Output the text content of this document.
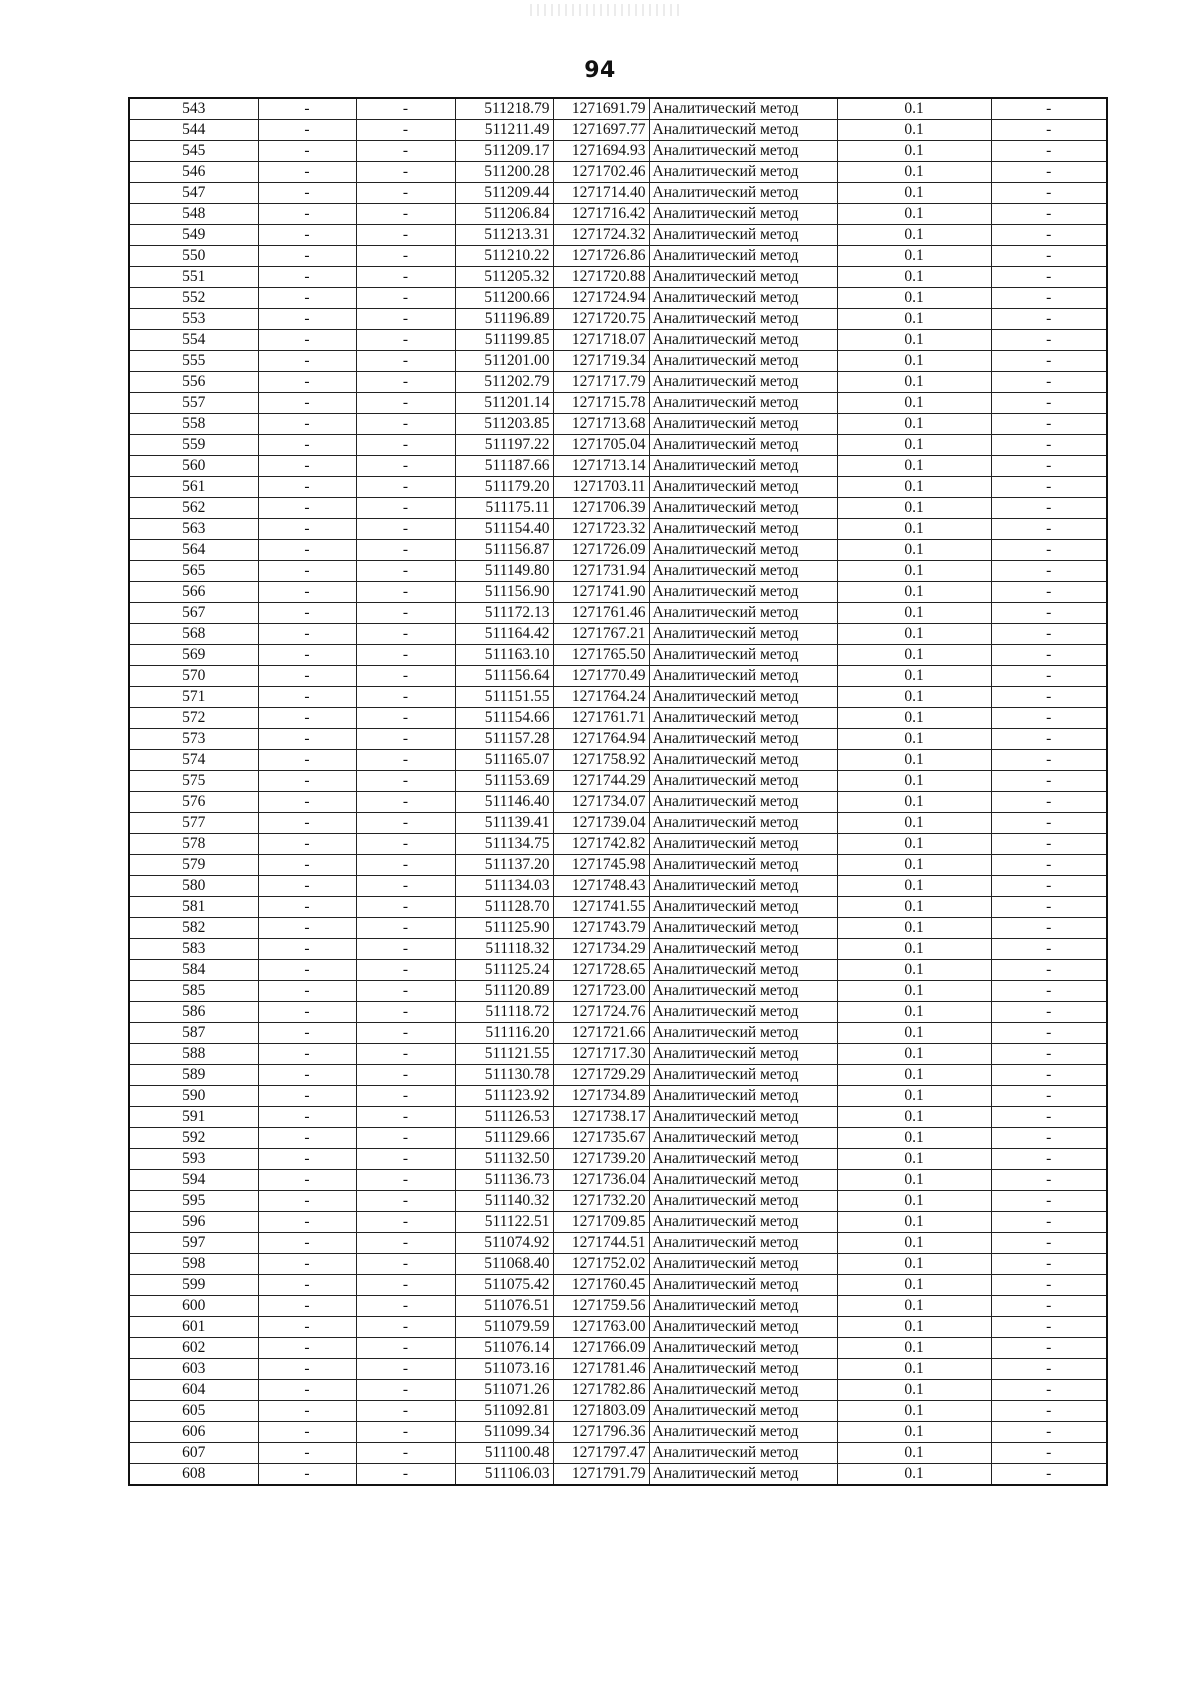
94
543	-	-	511218.79	1271691.79	Аналитический метод	0.1	-
544	-	-	511211.49	1271697.77	Аналитический метод	0.1	-
545	-	-	511209.17	1271694.93	Аналитический метод	0.1	-
546	-	-	511200.28	1271702.46	Аналитический метод	0.1	-
547	-	-	511209.44	1271714.40	Аналитический метод	0.1	-
548	-	-	511206.84	1271716.42	Аналитический метод	0.1	-
549	-	-	511213.31	1271724.32	Аналитический метод	0.1	-
550	-	-	511210.22	1271726.86	Аналитический метод	0.1	-
551	-	-	511205.32	1271720.88	Аналитический метод	0.1	-
552	-	-	511200.66	1271724.94	Аналитический метод	0.1	-
553	-	-	511196.89	1271720.75	Аналитический метод	0.1	-
554	-	-	511199.85	1271718.07	Аналитический метод	0.1	-
555	-	-	511201.00	1271719.34	Аналитический метод	0.1	-
556	-	-	511202.79	1271717.79	Аналитический метод	0.1	-
557	-	-	511201.14	1271715.78	Аналитический метод	0.1	-
558	-	-	511203.85	1271713.68	Аналитический метод	0.1	-
559	-	-	511197.22	1271705.04	Аналитический метод	0.1	-
560	-	-	511187.66	1271713.14	Аналитический метод	0.1	-
561	-	-	511179.20	1271703.11	Аналитический метод	0.1	-
562	-	-	511175.11	1271706.39	Аналитический метод	0.1	-
563	-	-	511154.40	1271723.32	Аналитический метод	0.1	-
564	-	-	511156.87	1271726.09	Аналитический метод	0.1	-
565	-	-	511149.80	1271731.94	Аналитический метод	0.1	-
566	-	-	511156.90	1271741.90	Аналитический метод	0.1	-
567	-	-	511172.13	1271761.46	Аналитический метод	0.1	-
568	-	-	511164.42	1271767.21	Аналитический метод	0.1	-
569	-	-	511163.10	1271765.50	Аналитический метод	0.1	-
570	-	-	511156.64	1271770.49	Аналитический метод	0.1	-
571	-	-	511151.55	1271764.24	Аналитический метод	0.1	-
572	-	-	511154.66	1271761.71	Аналитический метод	0.1	-
573	-	-	511157.28	1271764.94	Аналитический метод	0.1	-
574	-	-	511165.07	1271758.92	Аналитический метод	0.1	-
575	-	-	511153.69	1271744.29	Аналитический метод	0.1	-
576	-	-	511146.40	1271734.07	Аналитический метод	0.1	-
577	-	-	511139.41	1271739.04	Аналитический метод	0.1	-
578	-	-	511134.75	1271742.82	Аналитический метод	0.1	-
579	-	-	511137.20	1271745.98	Аналитический метод	0.1	-
580	-	-	511134.03	1271748.43	Аналитический метод	0.1	-
581	-	-	511128.70	1271741.55	Аналитический метод	0.1	-
582	-	-	511125.90	1271743.79	Аналитический метод	0.1	-
583	-	-	511118.32	1271734.29	Аналитический метод	0.1	-
584	-	-	511125.24	1271728.65	Аналитический метод	0.1	-
585	-	-	511120.89	1271723.00	Аналитический метод	0.1	-
586	-	-	511118.72	1271724.76	Аналитический метод	0.1	-
587	-	-	511116.20	1271721.66	Аналитический метод	0.1	-
588	-	-	511121.55	1271717.30	Аналитический метод	0.1	-
589	-	-	511130.78	1271729.29	Аналитический метод	0.1	-
590	-	-	511123.92	1271734.89	Аналитический метод	0.1	-
591	-	-	511126.53	1271738.17	Аналитический метод	0.1	-
592	-	-	511129.66	1271735.67	Аналитический метод	0.1	-
593	-	-	511132.50	1271739.20	Аналитический метод	0.1	-
594	-	-	511136.73	1271736.04	Аналитический метод	0.1	-
595	-	-	511140.32	1271732.20	Аналитический метод	0.1	-
596	-	-	511122.51	1271709.85	Аналитический метод	0.1	-
597	-	-	511074.92	1271744.51	Аналитический метод	0.1	-
598	-	-	511068.40	1271752.02	Аналитический метод	0.1	-
599	-	-	511075.42	1271760.45	Аналитический метод	0.1	-
600	-	-	511076.51	1271759.56	Аналитический метод	0.1	-
601	-	-	511079.59	1271763.00	Аналитический метод	0.1	-
602	-	-	511076.14	1271766.09	Аналитический метод	0.1	-
603	-	-	511073.16	1271781.46	Аналитический метод	0.1	-
604	-	-	511071.26	1271782.86	Аналитический метод	0.1	-
605	-	-	511092.81	1271803.09	Аналитический метод	0.1	-
606	-	-	511099.34	1271796.36	Аналитический метод	0.1	-
607	-	-	511100.48	1271797.47	Аналитический метод	0.1	-
608	-	-	511106.03	1271791.79	Аналитический метод	0.1	-
